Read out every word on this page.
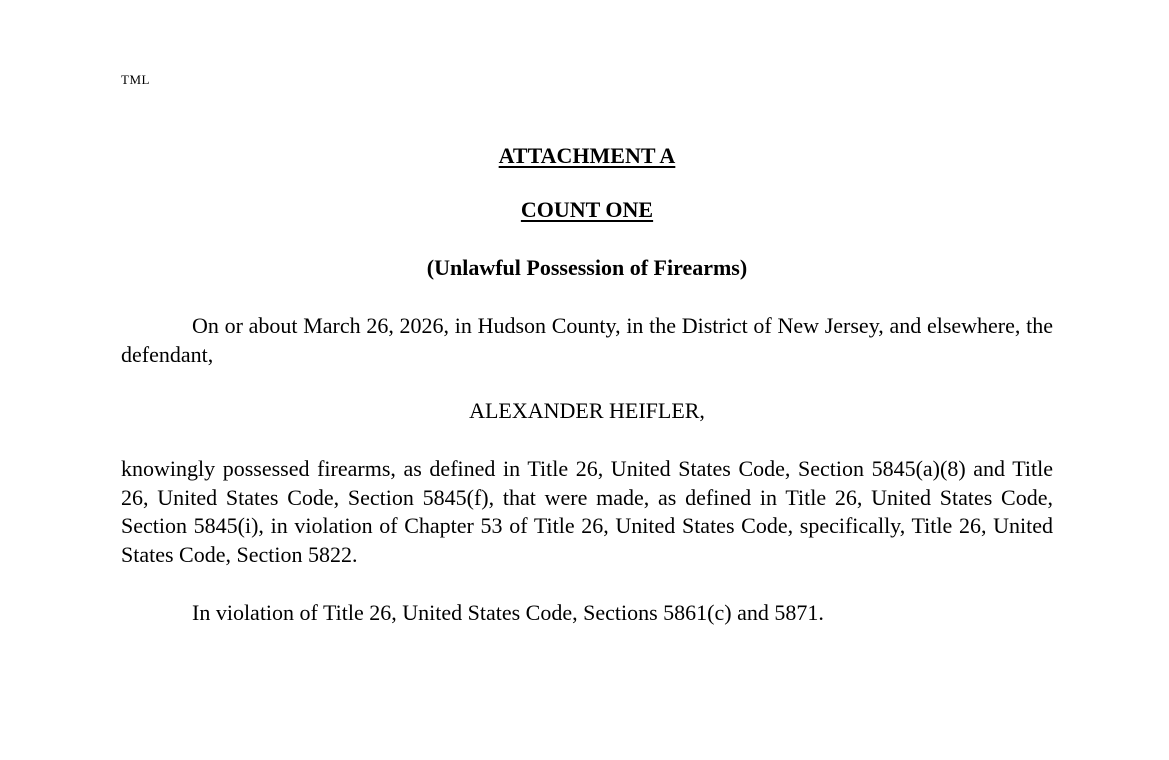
TML
ATTACHMENT A
COUNT ONE
(Unlawful Possession of Firearms)

On or about March 26, 2026, in Hudson County, in the District of New Jersey, and elsewhere, the defendant,

ALEXANDER HEIFLER,

knowingly possessed firearms, as defined in Title 26, United States Code, Section 5845(a)(8) and Title 26, United States Code, Section 5845(f), that were made, as defined in Title 26, United States Code, Section 5845(i), in violation of Chapter 53 of Title 26, United States Code, specifically, Title 26, United States Code, Section 5822.

In violation of Title 26, United States Code, Sections 5861(c) and 5871.
